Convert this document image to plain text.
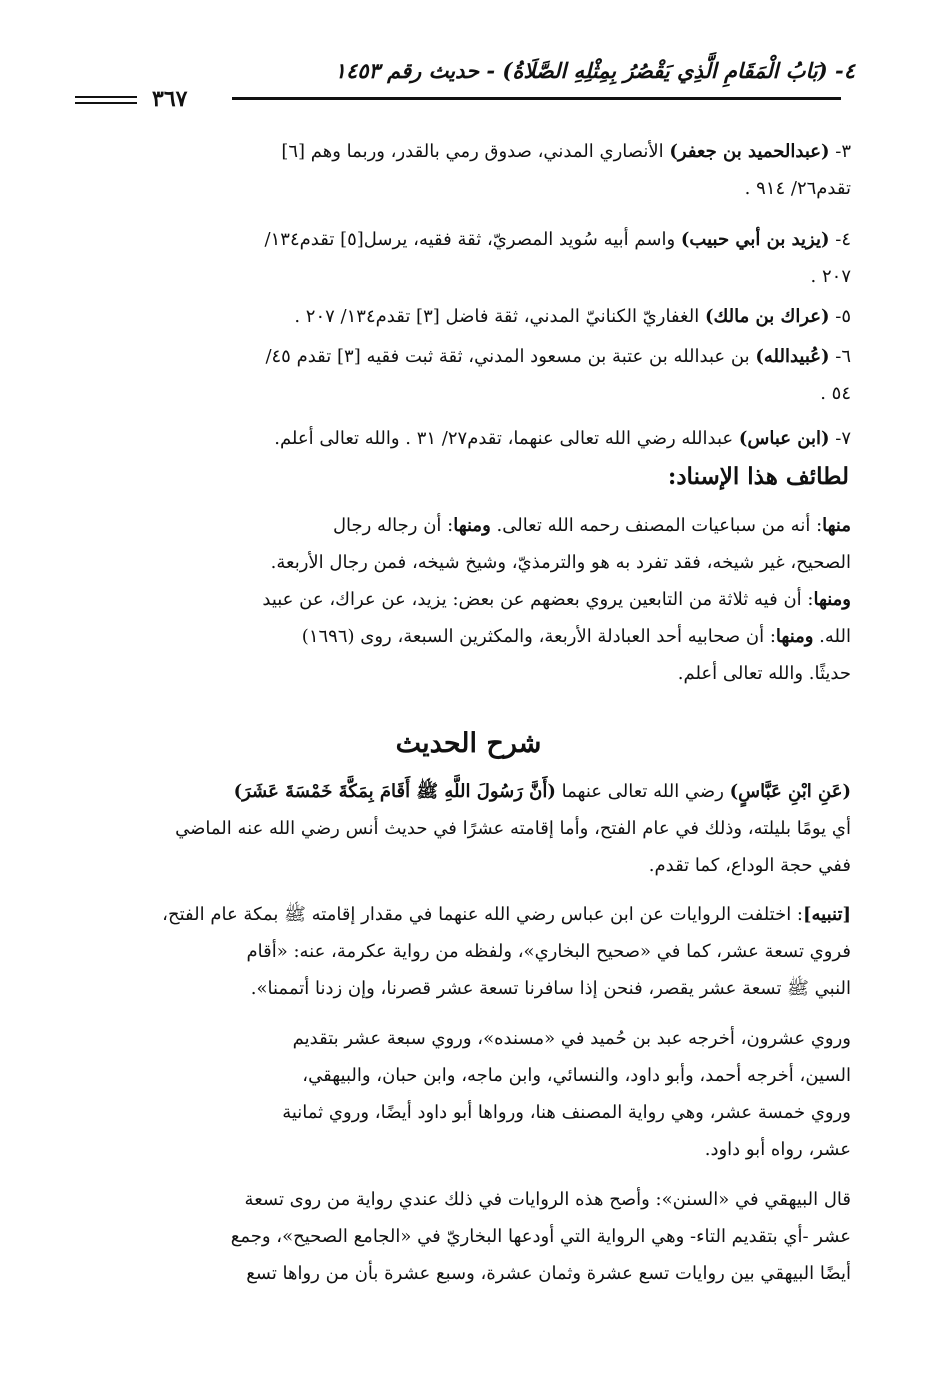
٤- (بَابُ الْمَقَامِ الَّذِي يَقْصُرُ بِمِثْلِهِ الصَّلَاةُ) - حديث رقم ١٤٥٣
٣٦٧
٣- (عبدالحميد بن جعفر) الأنصاري المدني، صدوق رمي بالقدر، وربما وهم [٦]
تقدم٢٦/ ٩١٤ .
٤- (يزيد بن أبي حبيب) واسم أبيه سُويد المصريّ، ثقة فقيه، يرسل[٥] تقدم١٣٤/
٢٠٧ .
٥- (عراك بن مالك) الغفاريّ الكنانيّ المدني، ثقة فاضل [٣] تقدم١٣٤/ ٢٠٧ .
٦- (عُبيدالله) بن عبدالله بن عتبة بن مسعود المدني، ثقة ثبت فقيه [٣] تقدم ٤٥/
٥٤ .
٧- (ابن عباس) عبدالله رضي الله تعالى عنهما، تقدم٢٧/ ٣١ . والله تعالى أعلم.
لطائف هذا الإسناد:
منها: أنه من سباعيات المصنف رحمه الله تعالى. ومنها: أن رجاله رجال
الصحيح، غير شيخه، فقد تفرد به هو والترمذيّ، وشيخ شيخه، فمن رجال الأربعة.
ومنها: أن فيه ثلاثة من التابعين يروي بعضهم عن بعض: يزيد، عن عراك، عن عبيد
الله. ومنها: أن صحابيه أحد العبادلة الأربعة، والمكثرين السبعة، روى (١٦٩٦)
حديثًا. والله تعالى أعلم.
شرح الحديث
(عَنِ ابْنِ عَبَّاسٍ) رضي الله تعالى عنهما (أَنَّ رَسُولَ اللَّهِ ﷺ أَقَامَ بِمَكَّةَ خَمْسَةَ عَشَرَ)
أي يومًا بليلته، وذلك في عام الفتح، وأما إقامته عشرًا في حديث أنس رضي الله عنه الماضي
ففي حجة الوداع، كما تقدم.
[تنبيه]: اختلفت الروايات عن ابن عباس رضي الله عنهما في مقدار إقامته ﷺ بمكة عام الفتح،
فروي تسعة عشر، كما في «صحيح البخاري»، ولفظه من رواية عكرمة، عنه: «أقام
النبي ﷺ تسعة عشر يقصر، فنحن إذا سافرنا تسعة عشر قصرنا، وإن زدنا أتممنا».
وروي عشرون، أخرجه عبد بن حُميد في «مسنده»، وروي سبعة عشر بتقديم
السين، أخرجه أحمد، وأبو داود، والنسائي، وابن ماجه، وابن حبان، والبيهقي،
وروي خمسة عشر، وهي رواية المصنف هنا، ورواها أبو داود أيضًا، وروي ثمانية
عشر، رواه أبو داود.
قال البيهقي في «السنن»: وأصح هذه الروايات في ذلك عندي رواية من روى تسعة
عشر -أي بتقديم التاء- وهي الرواية التي أودعها البخاريّ في «الجامع الصحيح»، وجمع
أيضًا البيهقي بين روايات تسع عشرة وثمان عشرة، وسبع عشرة بأن من رواها تسع
